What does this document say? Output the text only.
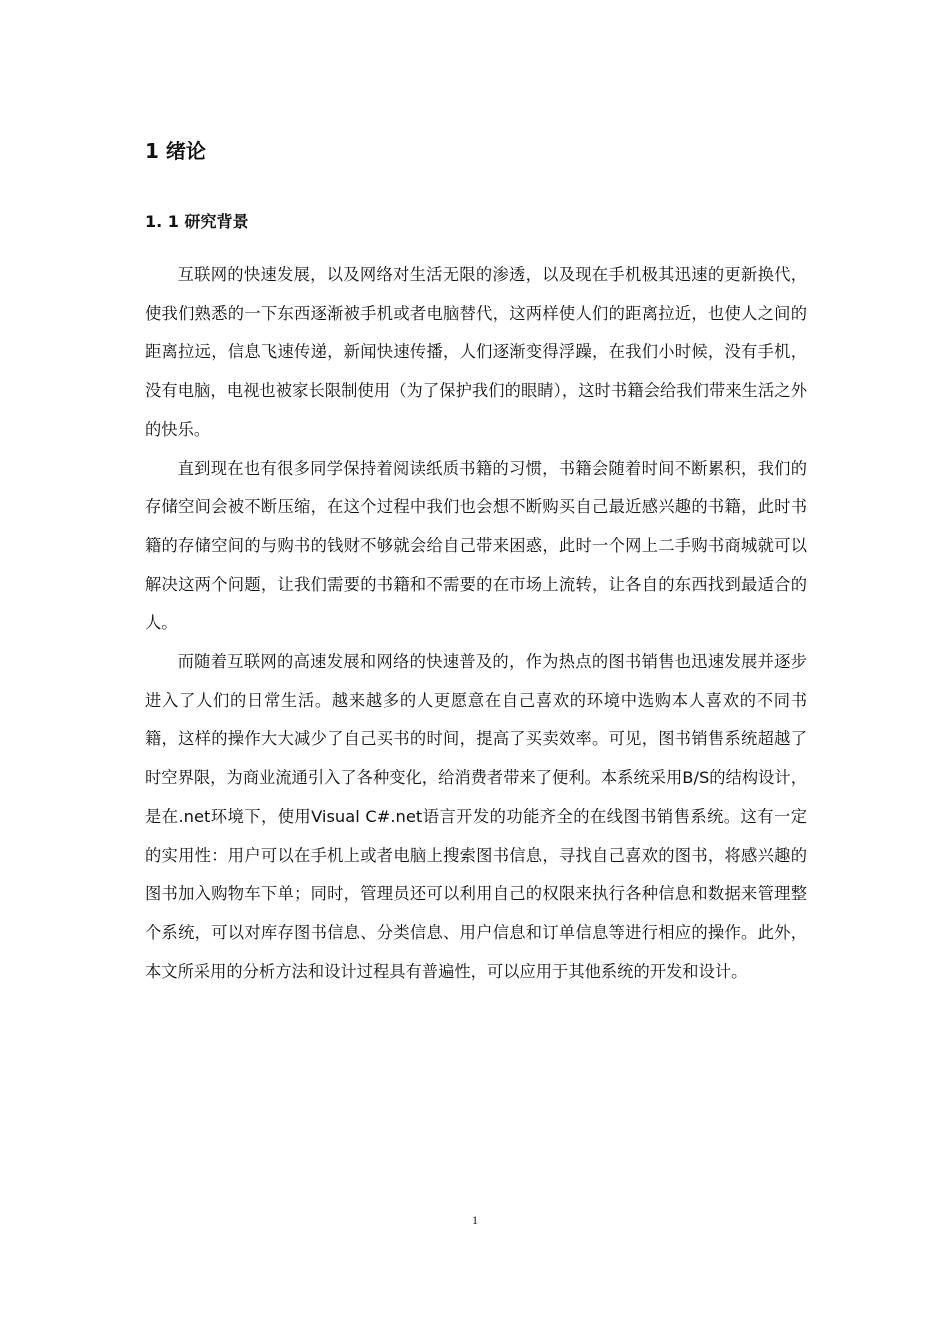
1 绪论
1. 1 研究背景

互联网的快速发展，以及网络对生活无限的渗透，以及现在手机极其迅速的更新换代，使我们熟悉的一下东西逐渐被手机或者电脑替代，这两样使人们的距离拉近，也使人之间的距离拉远，信息飞速传递，新闻快速传播，人们逐渐变得浮躁，在我们小时候，没有手机，没有电脑，电视也被家长限制使用（为了保护我们的眼睛），这时书籍会给我们带来生活之外的快乐。

直到现在也有很多同学保持着阅读纸质书籍的习惯，书籍会随着时间不断累积，我们的存储空间会被不断压缩，在这个过程中我们也会想不断购买自己最近感兴趣的书籍，此时书籍的存储空间的与购书的钱财不够就会给自己带来困惑，此时一个网上二手购书商城就可以解决这两个问题，让我们需要的书籍和不需要的在市场上流转，让各自的东西找到最适合的人。

而随着互联网的高速发展和网络的快速普及的，作为热点的图书销售也迅速发展并逐步进入了人们的日常生活。越来越多的人更愿意在自己喜欢的环境中选购本人喜欢的不同书籍，这样的操作大大减少了自己买书的时间，提高了买卖效率。可见，图书销售系统超越了时空界限，为商业流通引入了各种变化，给消费者带来了便利。本系统采用B/S的结构设计，是在.net环境下，使用Visual C#.net语言开发的功能齐全的在线图书销售系统。这有一定的实用性：用户可以在手机上或者电脑上搜索图书信息，寻找自己喜欢的图书，将感兴趣的图书加入购物车下单；同时，管理员还可以利用自己的权限来执行各种信息和数据来管理整个系统，可以对库存图书信息、分类信息、用户信息和订单信息等进行相应的操作。此外，本文所采用的分析方法和设计过程具有普遍性，可以应用于其他系统的开发和设计。

1
